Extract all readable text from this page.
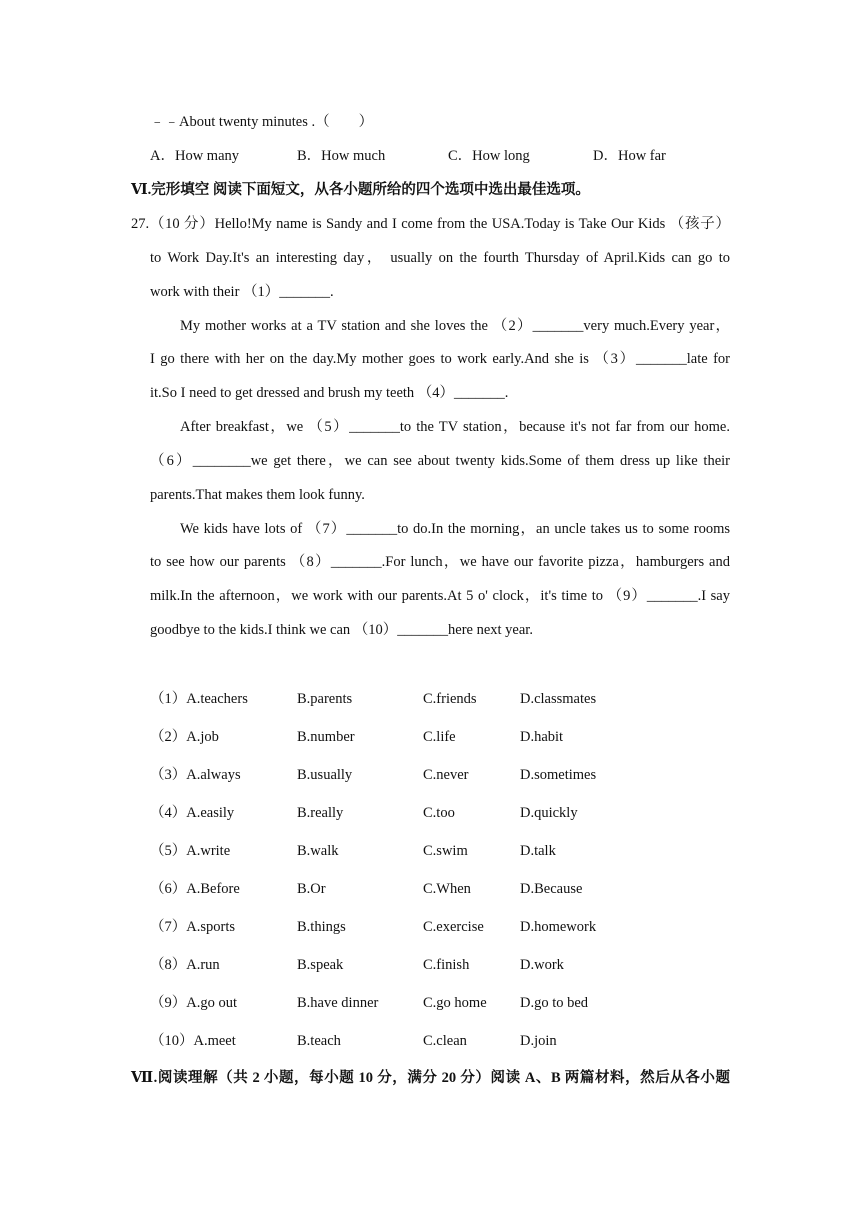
﹣﹣About twenty minutes .（　　）
A．How many	B．How much	C．How long	D．How far
Ⅵ.完形填空 阅读下面短文，从各小题所给的四个选项中选出最佳选项。
27.（10 分）Hello!My name is Sandy and I come from the USA.Today is Take Our Kids （孩子）
to Work Day.It's an interesting day， usually on the fourth Thursday of April.Kids can go to
work with their （1）_______.
My mother works at a TV station and she loves the （2）_______very much.Every year，
I go there with her on the day.My mother goes to work early.And she is （3）_______late for
it.So I need to get dressed and brush my teeth （4）_______.
After breakfast，we （5）_______to the TV station，because it's not far from our home.
（6）________we get there，we can see about twenty kids.Some of them dress up like their
parents.That makes them look funny.
We kids have lots of （7）_______to do.In the morning，an uncle takes us to some rooms
to see how our parents （8）_______.For lunch，we have our favorite pizza，hamburgers and
milk.In the afternoon，we work with our parents.At 5 o' clock，it's time to （9）_______.I say
goodbye to the kids.I think we can （10）_______here next year.
（1）A.teachers	B.parents	C.friends	D.classmates
（2）A.job	B.number	C.life	D.habit
（3）A.always	B.usually	C.never	D.sometimes
（4）A.easily	B.really	C.too	D.quickly
（5）A.write	B.walk	C.swim	D.talk
（6）A.Before	B.Or	C.When	D.Because
（7）A.sports	B.things	C.exercise D.homework
（8）A.run	B.speak	C.finish	D.work
（9）A.go out	B.have dinner	C.go home D.go to bed
（10）A.meet	B.teach	C.clean	D.join
Ⅶ.阅读理解（共 2 小题，每小题 10 分，满分 20 分）阅读 A、B 两篇材料，然后从各小题
